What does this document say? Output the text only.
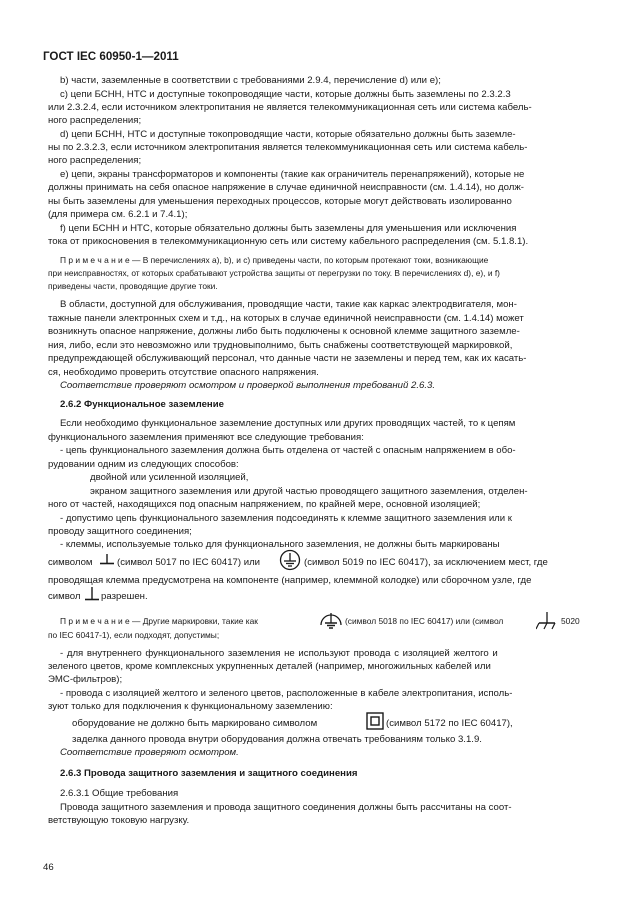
ГОСТ IEC 60950-1—2011
b) части, заземленные в соответствии с требованиями 2.9.4, перечисление d) или е);
с) цепи БСНН, НТС и доступные токопроводящие части, которые должны быть заземлены по 2.3.2.3
или 2.3.2.4, если источником электропитания не является телекоммуникационная сеть или система кабель-
ного распределения;
d) цепи БСНН, НТС и доступные токопроводящие части, которые обязательно должны быть заземле-
ны по 2.3.2.3, если источником электропитания является телекоммуникационная сеть или система кабель-
ного распределения;
е) цепи, экраны трансформаторов и компоненты (такие как ограничитель перенапряжений), которые не
должны принимать на себя опасное напряжение в случае единичной неисправности (см. 1.4.14), но долж-
ны быть заземлены для уменьшения переходных процессов, которые могут действовать изолированно
(для примера см. 6.2.1 и 7.4.1);
f) цепи БСНН и НТС, которые обязательно должны быть заземлены для уменьшения или исключения
тока от прикосновения в телекоммуникационную сеть или систему кабельного распределения (см. 5.1.8.1).
П р и м е ч а н и е — В перечислениях а), b), и с) приведены части, по которым протекают токи, возникающие
при неисправностях, от которых срабатывают устройства защиты от перегрузки по току. В перечислениях d), е), и f)
приведены части, проводящие другие токи.
В области, доступной для обслуживания, проводящие части, такие как каркас электродвигателя, мон-
тажные панели электронных схем и т.д., на которых в случае единичной неисправности (см. 1.4.14) может
возникнуть опасное напряжение, должны либо быть подключены к основной клемме защитного заземле-
ния, либо, если это невозможно или трудновыполнимо, быть снабжены соответствующей маркировкой,
предупреждающей обслуживающий персонал, что данные части не заземлены и перед тем, как их касать-
ся, необходимо проверить отсутствие опасного напряжения.
Соответствие проверяют осмотром и проверкой выполнения требований 2.6.3.
2.6.2 Функциональное заземление
Если необходимо функциональное заземление доступных или других проводящих частей, то к цепям
функционального заземления применяют все следующие требования:
- цепь функционального заземления должна быть отделена от частей с опасным напряжением в обо-
рудовании одним из следующих способов:
двойной или усиленной изоляцией,
экраном защитного заземления или другой частью проводящего защитного заземления, отделен-
ного от частей, находящихся под опасным напряжением, по крайней мере, основной изоляцией;
- допустимо цепь функционального заземления подсоединять к клемме защитного заземления или к
проводу защитного соединения;
- клеммы, используемые только для функционального заземления, не должны быть маркированы
символом	(символ 5017 по IEC 60417) или	(символ 5019 по IEC 60417), за исключением мест, где
проводящая клемма предусмотрена на компоненте (например, клеммной колодке) или сборочном узле, где
символ разрешен.
П р и м е ч а н и е — Другие маркировки, такие как	(символ 5018 по IEC 60417) или (символ	5020
по IEC 60417-1), если подходят, допустимы;
- для внутреннего функционального заземления не используют провода с изоляцией желтого и
зеленого цветов, кроме комплексных укрупненных деталей (например, многожильных кабелей или
ЭМС-фильтров);
- провода с изоляцией желтого и зеленого цветов, расположенные в кабеле электропитания, исполь-
зуют только для подключения к функциональному заземлению:
оборудование не должно быть маркировано символом	(символ 5172 по IEC 60417),
заделка данного провода внутри оборудования должна отвечать требованиям только 3.1.9.
Соответствие проверяют осмотром.
2.6.3 Провода защитного заземления и защитного соединения
2.6.3.1 Общие требования
Провода защитного заземления и провода защитного соединения должны быть рассчитаны на соот-
ветствующую токовую нагрузку.
46
